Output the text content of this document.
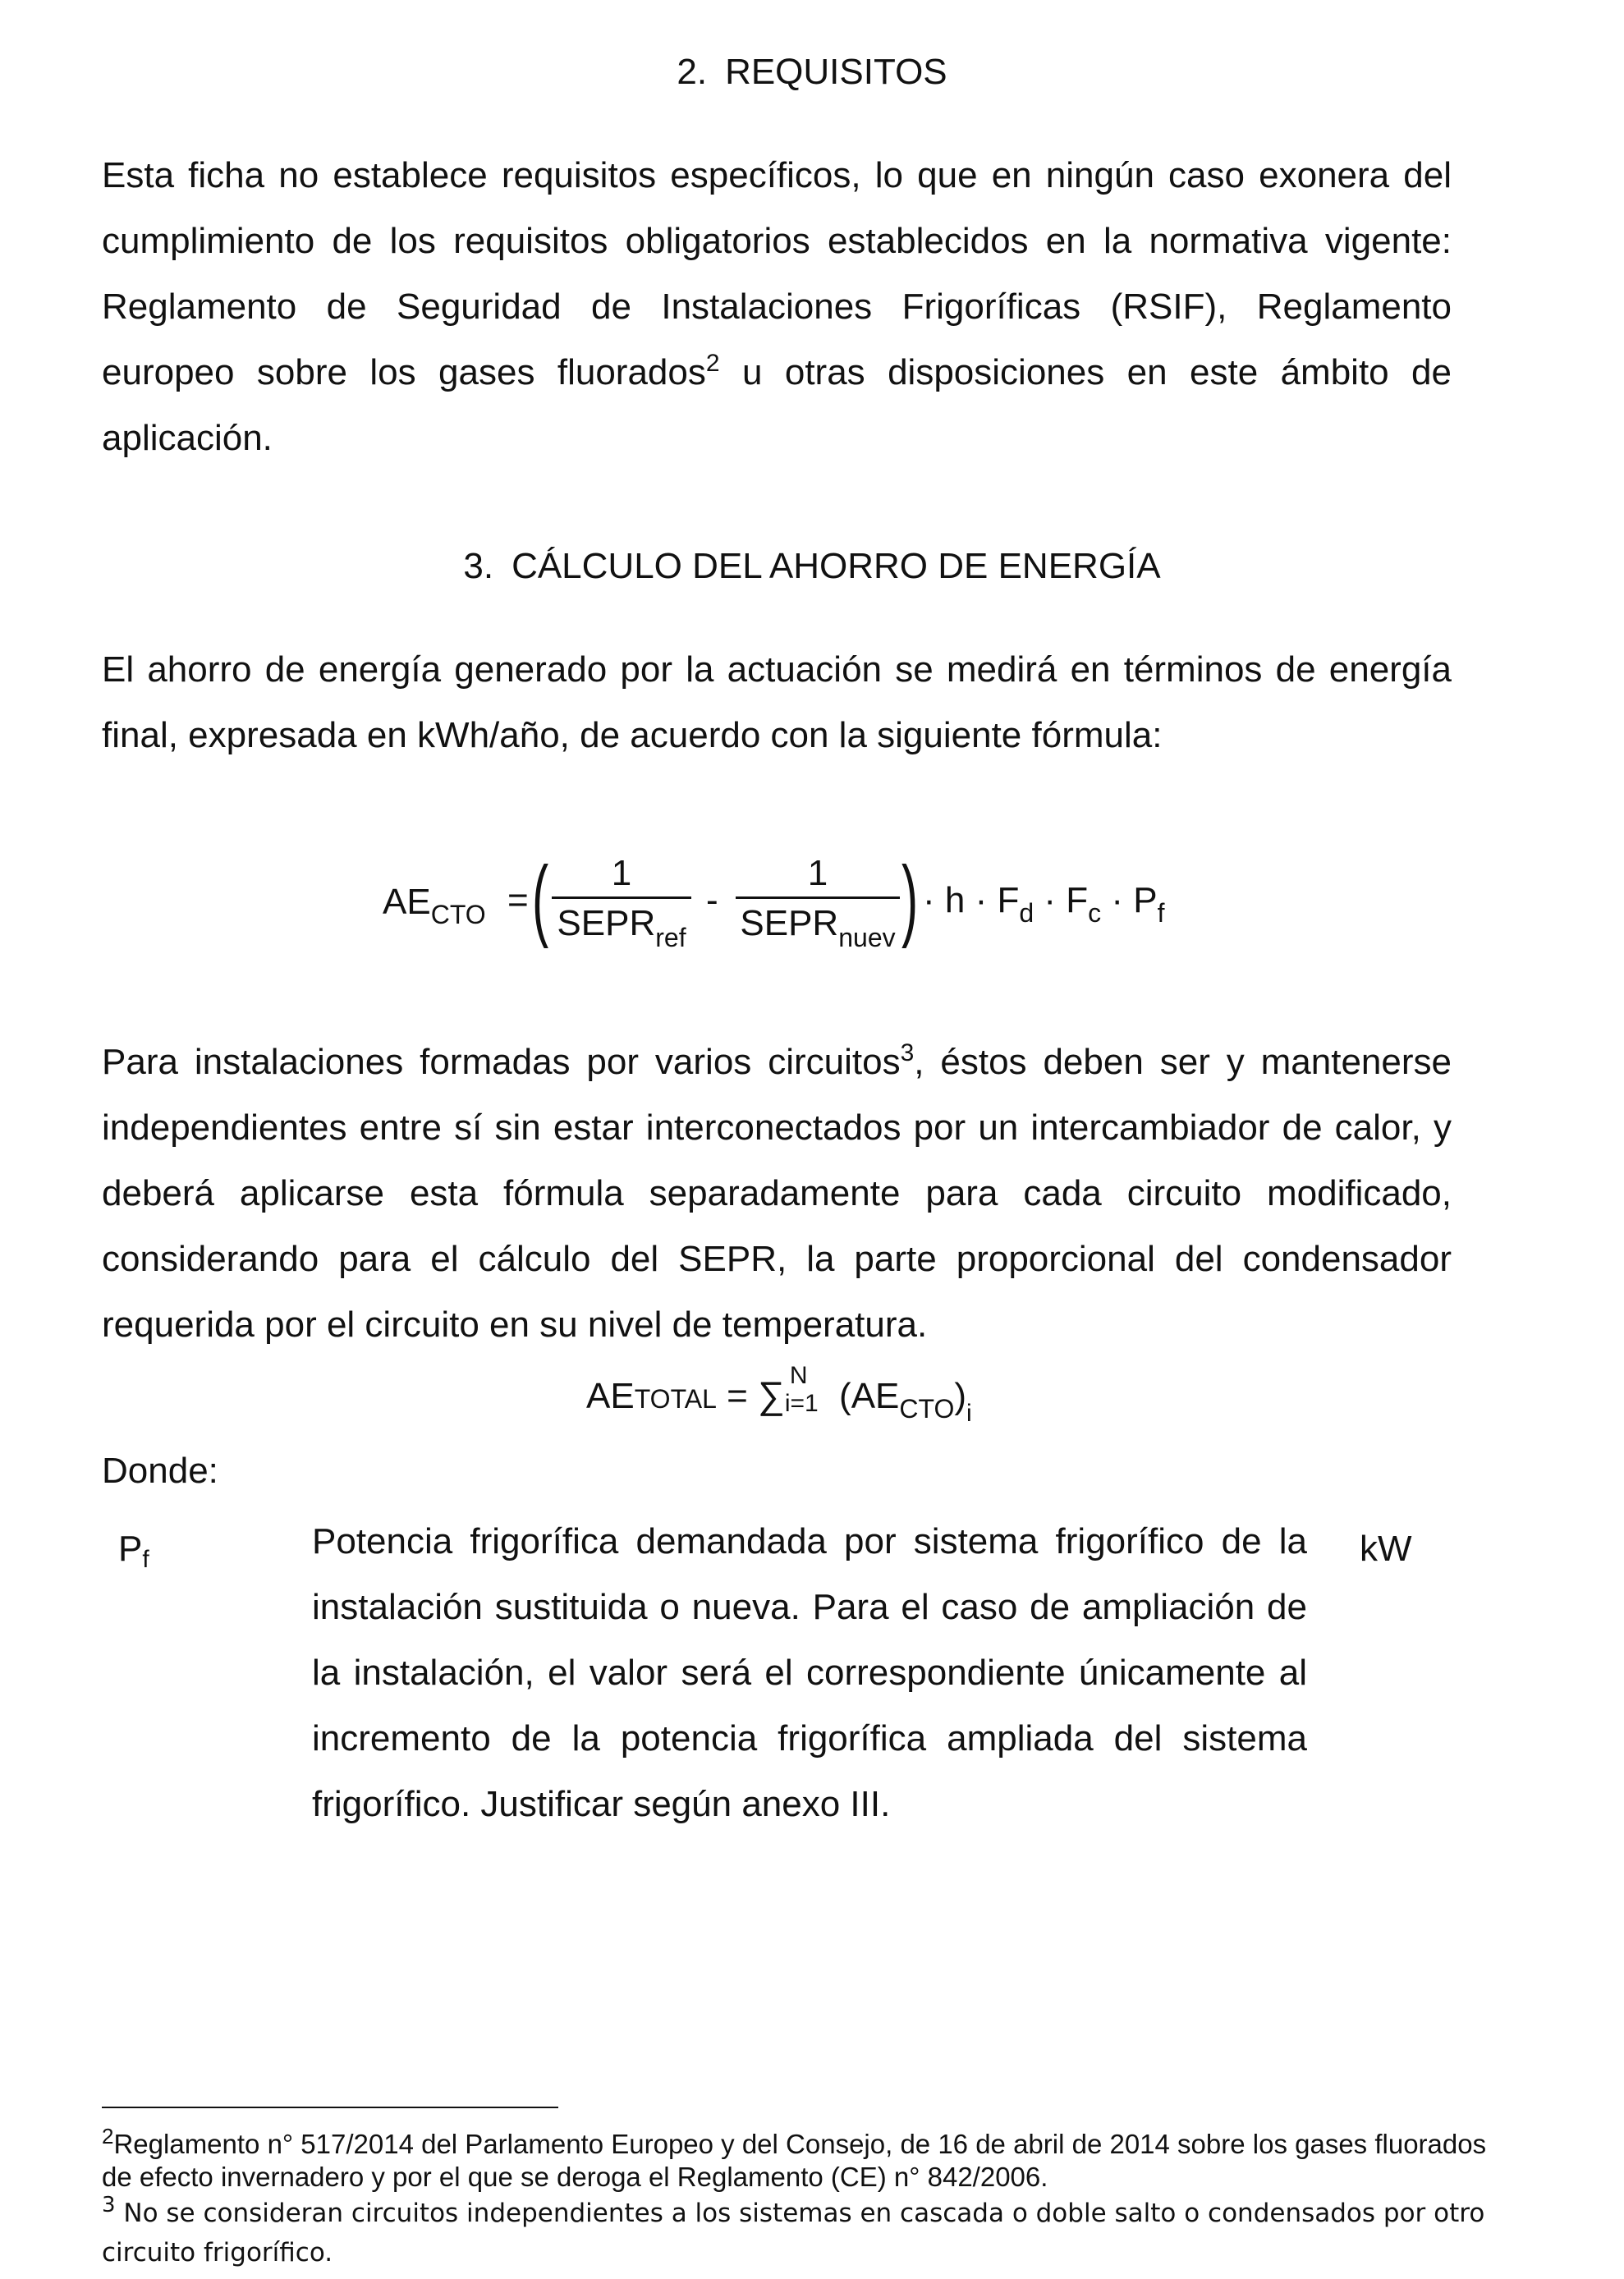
2. REQUISITOS

Esta ficha no establece requisitos específicos, lo que en ningún caso exonera del cumplimiento de los requisitos obligatorios establecidos en la normativa vigente: Reglamento de Seguridad de Instalaciones Frigoríficas (RSIF), Reglamento europeo sobre los gases fluorados$^2$ u otras disposiciones en este ámbito de aplicación.

3. CÁLCULO DEL AHORRO DE ENERGÍA

El ahorro de energía generado por la actuación se medirá en términos de energía final, expresada en kWh/año, de acuerdo con la siguiente fórmula:

$AE_{CTO}$ = (	1
$SEPR_{ref}$
-
1
$SEPR_{nuev}$ ) · $h \cdot F_d \cdot F_c \cdot P_f$

Para instalaciones formadas por varios circuitos$^3$, éstos deben ser y mantenerse independientes entre sí sin estar interconectados por un intercambiador de calor, y deberá aplicarse esta fórmula separadamente para cada circuito modificado, considerando para el cálculo del SEPR, la parte proporcional del condensador requerida por el circuito en su nivel de temperatura.

AETOTAL = ∑ N
i=1 $(AE_{CTO})_i$
Donde:
$P_f$	Potencia frigorífica demandada por sistema frigorífico de la instalación sustituida o nueva. Para el caso de ampliación de la instalación, el valor será el correspondiente únicamente al incremento de la potencia frigorífica ampliada del sistema frigorífico. Justificar según anexo III.
kW
$^2$Reglamento n° 517/2014 del Parlamento Europeo y del Consejo, de 16 de abril de 2014 sobre los gases fluorados de efecto invernadero y por el que se deroga el Reglamento (CE) n° 842/2006.
$^3$ No se consideran circuitos independientes a los sistemas en cascada o doble salto o condensados por otro circuito frigorífico.
